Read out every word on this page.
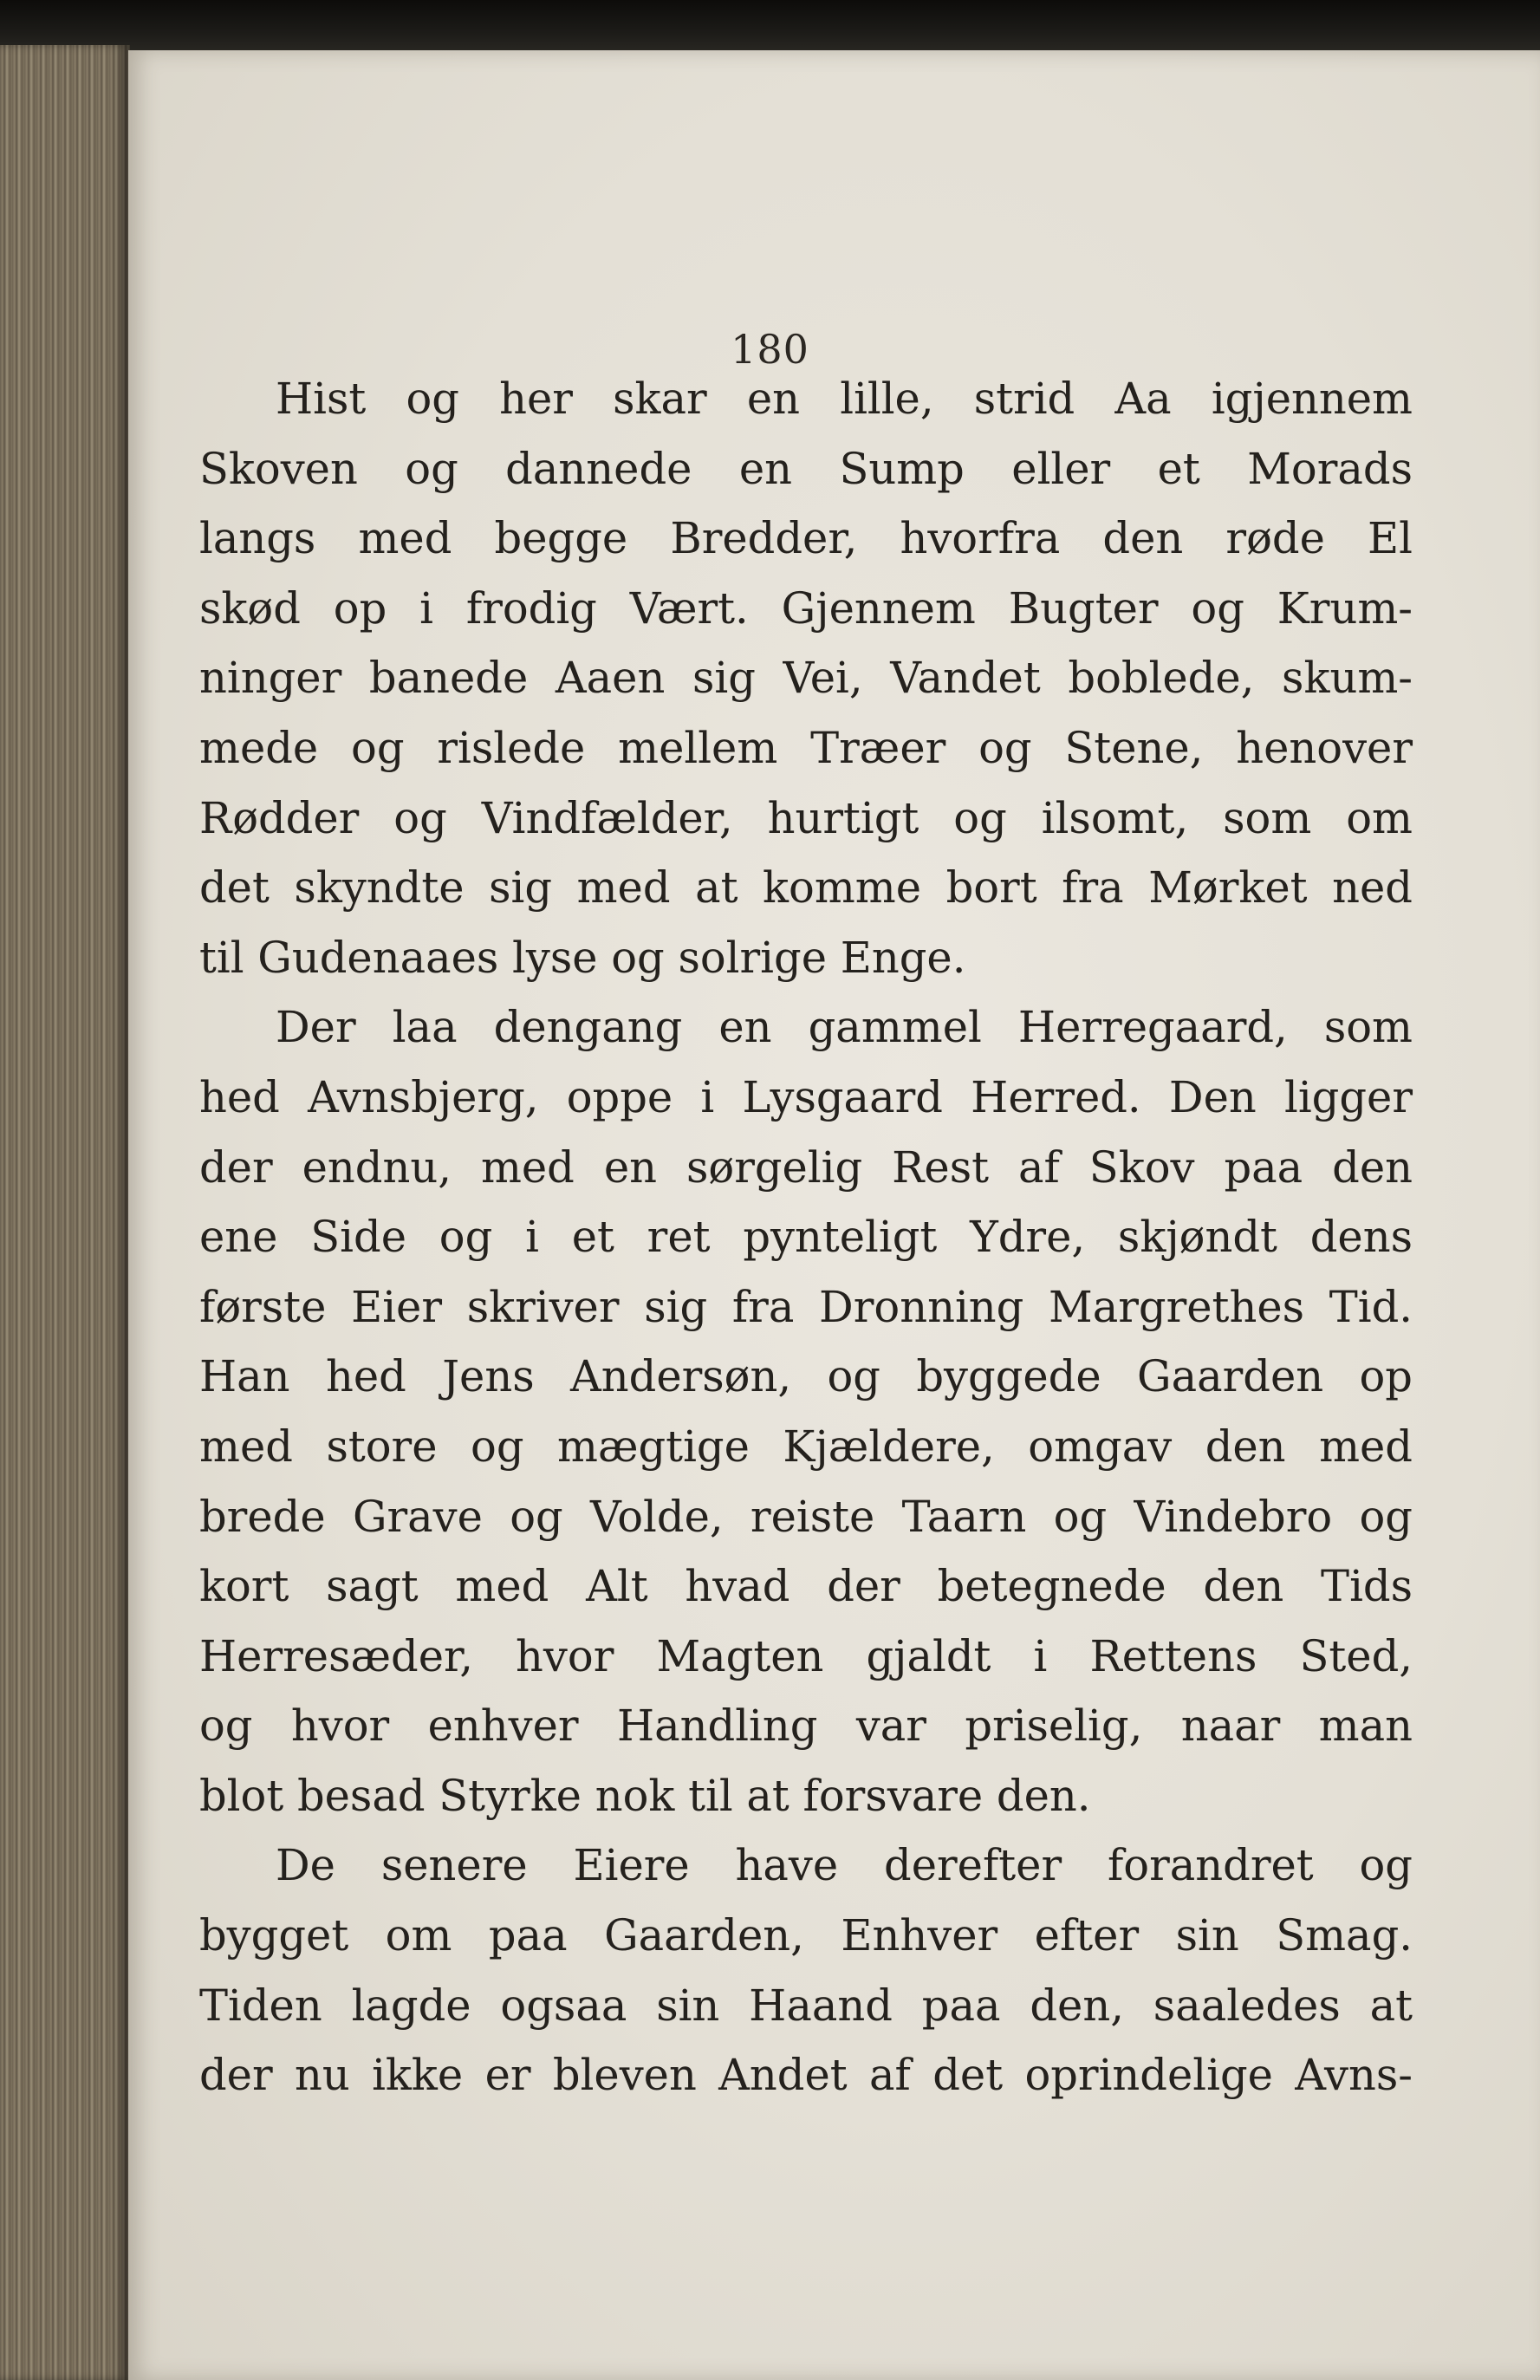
180
Hist og her skar en lille, strid Aa igjennem
Skoven og dannede en Sump eller et Morads
langs med begge Bredder, hvorfra den røde El
skød op i frodig Vært. Gjennem Bugter og Krum-
ninger banede Aaen sig Vei, Vandet boblede, skum-
mede og rislede mellem Træer og Stene, henover
Rødder og Vindfælder, hurtigt og ilsomt, som om
det skyndte sig med at komme bort fra Mørket ned
til Gudenaaes lyse og solrige Enge.
Der laa dengang en gammel Herregaard, som
hed Avnsbjerg, oppe i Lysgaard Herred. Den ligger
der endnu, med en sørgelig Rest af Skov paa den
ene Side og i et ret pynteligt Ydre, skjøndt dens
første Eier skriver sig fra Dronning Margrethes Tid.
Han hed Jens Andersøn, og byggede Gaarden op
med store og mægtige Kjældere, omgav den med
brede Grave og Volde, reiste Taarn og Vindebro og
kort sagt med Alt hvad der betegnede den Tids
Herresæder, hvor Magten gjaldt i Rettens Sted,
og hvor enhver Handling var priselig, naar man
blot besad Styrke nok til at forsvare den.
De senere Eiere have derefter forandret og
bygget om paa Gaarden, Enhver efter sin Smag.
Tiden lagde ogsaa sin Haand paa den, saaledes at
der nu ikke er bleven Andet af det oprindelige Avns-
